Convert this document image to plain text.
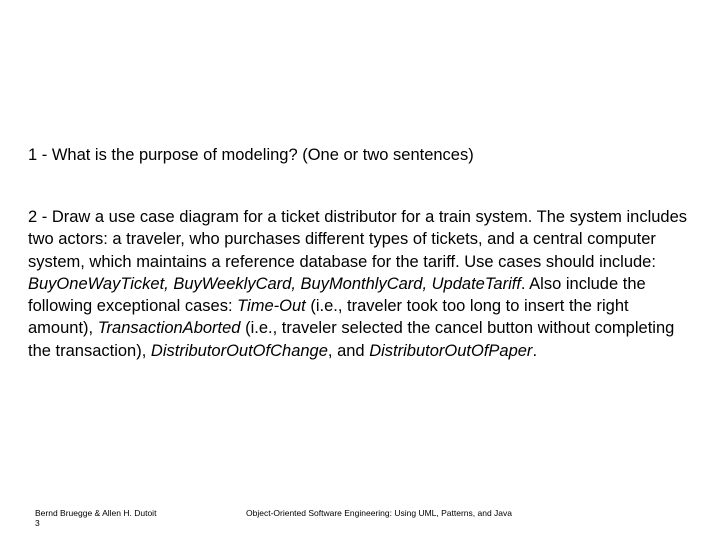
1 - What is the purpose of modeling? (One or two sentences)

2 - Draw a use case diagram for a ticket distributor for a train system. The system includes two actors: a traveler, who purchases different types of tickets, and a central computer system, which maintains a reference database for the tariff. Use cases should include: BuyOneWayTicket, BuyWeeklyCard, BuyMonthlyCard, UpdateTariff. Also include the following exceptional cases: Time-Out (i.e., traveler took too long to insert the right amount), TransactionAborted (i.e., traveler selected the cancel button without completing the transaction), DistributorOutOfChange, and DistributorOutOfPaper.

Bernd Bruegge & Allen H. Dutoit
3
Object-Oriented Software Engineering: Using UML, Patterns, and Java
